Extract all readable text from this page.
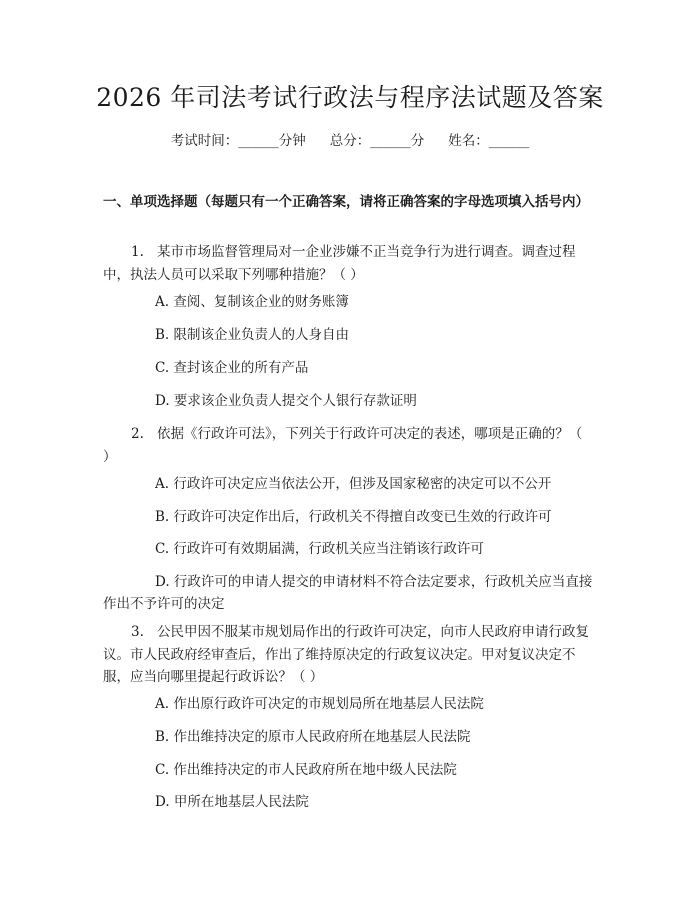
2026 年司法考试行政法与程序法试题及答案
考试时间：______分钟 总分：______分 姓名：______
一、单项选择题（每题只有一个正确答案，请将正确答案的字母选项填入括号内）
1. 某市市场监督管理局对一企业涉嫌不正当竞争行为进行调查。调查过程中，执法人员可以采取下列哪种措施？（ ）
A. 查阅、复制该企业的财务账簿
B. 限制该企业负责人的人身自由
C. 查封该企业的所有产品
D. 要求该企业负责人提交个人银行存款证明
2. 依据《行政许可法》，下列关于行政许可决定的表述，哪项是正确的？（ ）
A. 行政许可决定应当依法公开，但涉及国家秘密的决定可以不公开
B. 行政许可决定作出后，行政机关不得擅自改变已生效的行政许可
C. 行政许可有效期届满，行政机关应当注销该行政许可
D. 行政许可的申请人提交的申请材料不符合法定要求，行政机关应当直接作出不予许可的决定
3. 公民甲因不服某市规划局作出的行政许可决定，向市人民政府申请行政复议。市人民政府经审查后，作出了维持原决定的行政复议决定。甲对复议决定不服，应当向哪里提起行政诉讼？（ ）
A. 作出原行政许可决定的市规划局所在地基层人民法院
B. 作出维持决定的原市人民政府所在地基层人民法院
C. 作出维持决定的市人民政府所在地中级人民法院
D. 甲所在地基层人民法院
